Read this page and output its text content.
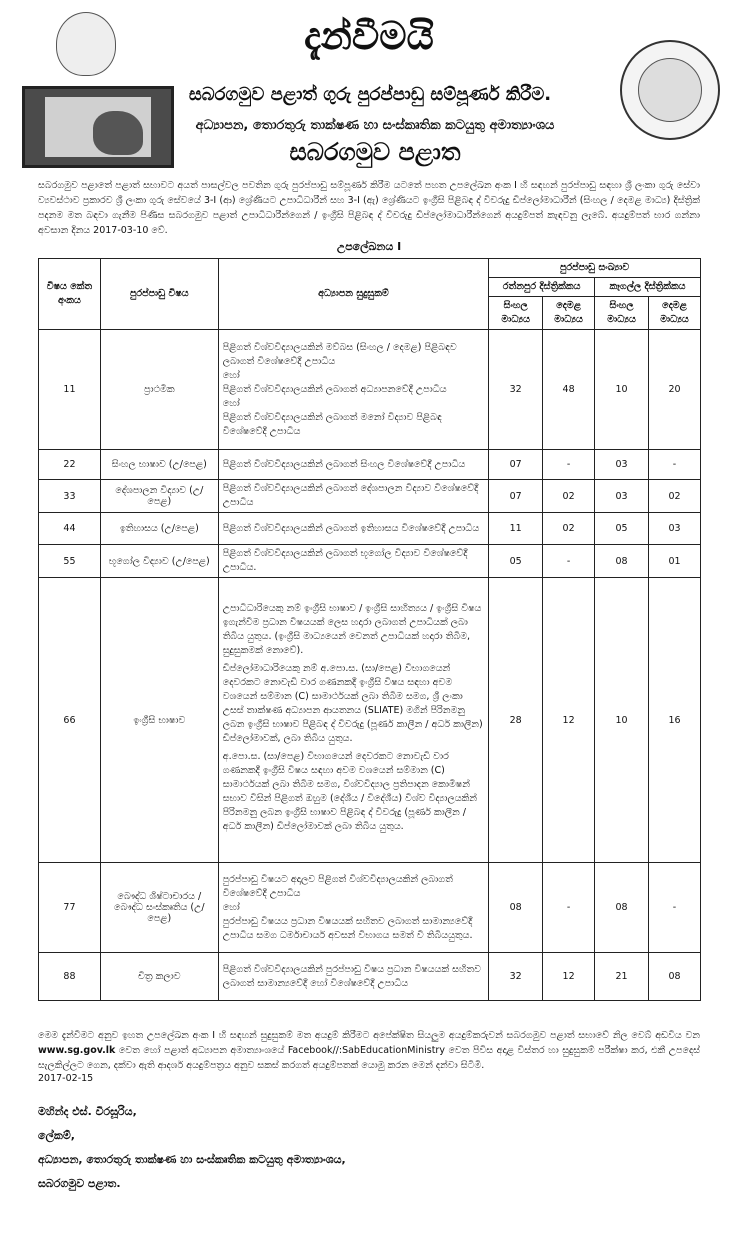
දැන්වීමයි

සබරගමුව පළාත් ගුරු පුරප්පාඩු සම්පූර්ණ කිරීම.

අධ්‍යාපන, තොරතුරු තාක්ෂණ හා සංස්කෘතික කටයුතු අමාත්‍යාංශය

සබරගමුව පළාත

සබරගමුව පළාතේ පළාත් සභාවට අයත් පාසල්වල පවතින ගුරු පුරප්පාඩු සම්පූර්ණ කිරීම යටතේ පහත උපලේඛන අංක I හි සඳහන් පුරප්පාඩු සඳහා ශ්‍රී ලංකා ගුරු සේවා ව්‍යවස්ථාව ප්‍රකාරව ශ්‍රී ලංකා ගුරු සේවයේ 3-I (ආ) ශ්‍රේණියට උපාධිධාරීන් සහ 3-I (ඇ) ශ්‍රේණියට ඉංග්‍රීසි පිළිබඳ ද්‍ විවරුදු ඩිප්ලෝමාධාරීන් (සිංහල / දෙමළ මාධ්‍ය) දිස්ත්‍රික් පදනම මත බඳවා ගැනීම පිණිස සබරගමුව පළාත් උපාධිධාරීන්ගෙන් / ඉංග්‍රීසි පිළිබඳ ද්‍ විවරුදු ඩිප්ලෝමාධාරීන්ගෙන් අයදුම්පත් කැඳවනු ලැබේ. අයදුම්පත් භාර ගන්නා අවසාන දිනය 2017-03-10 වේ.

උපලේඛනය I

විෂය කේත අංකය	පුරප්පාඩු විෂය	අධ්‍යාපන සුදුසුකම්	පුරප්පාඩු සංඛ්‍යාව			
			රත්නපුර දිස්ත්‍රික්කය		කෑගල්ල දිස්ත්‍රික්කය	
			සිංහල මාධ්‍යය	දෙමළ මාධ්‍යය	සිංහල මාධ්‍යය	දෙමළ මාධ්‍යය
11	ප්‍රාථමික	පිළිගත් විශ්වවිද්‍යාලයකින් මව්බස (සිංහල / දෙමළ) පිළිබඳව ලබාගත් විශේෂවේදී උපාධිය
හෝ
පිළිගත් විශ්වවිද්‍යාලයකින් ලබාගත් අධ්‍යාපනවේදී උපාධිය
හෝ
පිළිගත් විශ්වවිද්‍යාලයකින් ලබාගත් මනෝ විද්‍යාව පිළිබඳ විශේෂවේදී උපාධිය	32	48	10	20
22	සිංහල භාෂාව (උ/පෙළ)	පිළිගත් විශ්වවිද්‍යාලයකින් ලබාගත් සිංහල විශේෂවේදී උපාධිය	07	-	03	-
33	දේශපාලන විද්‍යාව (උ/පෙළ)	පිළිගත් විශ්වවිද්‍යාලයකින් ලබාගත් දේශපාලන විද්‍යාව විශේෂවේදී උපාධිය	07	02	03	02
44	ඉතිහාසය (උ/පෙළ)	පිළිගත් විශ්වවිද්‍යාලයකින් ලබාගත් ඉතිහාසය විශේෂවේදී උපාධිය	11	02	05	03
55	භූගෝල විද්‍යාව (උ/පෙළ)	පිළිගත් විශ්වවිද්‍යාලයකින් ලබාගත් භූගෝල විද්‍යාව විශේෂවේදී උපාධිය.	05	-	08	01
66	ඉංග්‍රීසි භාෂාව	උපාධිධාරියෙකු නම් ඉංග්‍රීසි භාෂාව / ඉංග්‍රීසි සාහිත්‍යය / ඉංග්‍රීසි විෂය ඉගැන්වීම ප්‍රධාන විෂයයක් ලෙස හදාරා ලබාගත් උපාධියක් ලබා තිබිය යුතුය. (ඉංග්‍රීසි මාධ්‍යයෙන් වෙනත් උපාධියක් හදාරා තිබීම, සුදුසුකමක් නොවේ).
ඩිප්ලෝමාධාරියෙකු නම් අ.පො.ස. (සා/පෙළ) විභාගයෙන් දෙවරකට නොවැඩි වාර ගණනකදී ඉංග්‍රීසි විෂය සඳහා අවම වශයෙන් සම්මාන (C) සාමාර්ථයක් ලබා තිබීම සමග, ශ්‍රී ලංකා උසස් තාක්ෂණ අධ්‍යාපන ආයතනය (SLIATE) මගින් පිරිනමනු ලබන ඉංග්‍රීසි භාෂාව පිළිබඳ ද්‍ විවරුදු (පූර්ණ කාලීන / අර්ධ කාලීන) ඩිප්ලෝමාවක්, ලබා තිබිය යුතුය.
අ.පො.ස. (සා/පෙළ) විභාගයෙන් දෙවරකට නොවැඩි වාර ගණනකදී ඉංග්‍රීසි විෂය සඳහා අවම වශයෙන් සම්මාන (C) සාමාර්ථයක් ලබා තිබීම සමග, විශ්වවිද්‍යාල ප්‍රතිපාදන කොමිෂන් සභාව විසින් පිළිගත් ඔහුම (දේශීය / විදේශීය) විශ්ව විද්‍යාලයකින් පිරිනමනු ලබන ඉංග්‍රීසි භාෂාව පිළිබඳ ද්‍ විවරුදු (පූර්ණ කාලීන / අර්ධ කාලීන) ඩිප්ලෝමාවක් ලබා තිබිය යුතුය.	28	12	10	16
77	බෞද්ධ ශිෂ්ටාචාරය / බෞද්ධ සංස්කෘතිය (උ/පෙළ)	පුරප්පාඩු විෂයට අදාලව පිළිගත් විශ්වවිද්‍යාලයකින් ලබාගත් විශේෂවේදී උපාධිය
හෝ
පුරප්පාඩු විෂයය ප්‍රධාන විෂයයක් සහිතව ලබාගත් සාමාන්‍යවේදී උපාධිය සමග ධර්මාචාර්ය අවසන් විභාගය සමත් වී තිබියයුතුය.	08	-	08	-
88	චිත්‍ර කලාව	පිළිගත් විශ්වවිද්‍යාලයකින් පුරප්පාඩු විෂය ප්‍රධාන විෂයයක් සහිතව ලබාගත් සාමාන්‍යවේදී හෝ විශේෂවේදී උපාධිය	32	12	21	08

මෙම දැන්වීමට අනුව ඉහත උපලේඛන අංක I හි සඳහන් සුදුසුකම් මත අයදුම් කිරීමට අපේක්ෂිත සියලුම අයදුම්කරුවන් සබරගමුව පළාත් සභාවේ නිල වෙබ් අඩවිය වන www.sg.gov.lk වෙත හෝ පළාත් අධ්‍යාපන අමාත්‍යාංශයේ Facebook//:SabEducationMinistry වෙත පිවිස අදාළ විස්තර හා සුදුසුකම් පරීක්ෂා කර, එකී උපදෙස් සැලකිල්ලට ගෙන, දක්වා ඇති ආදර්ශ අයදුම්පත්‍රය අනුව සකස් කරගත් අයදුම්පතක් යොමු කරන මෙන් දන්වා සිටිමි.

2017-02-15

මහින්ද එස්. වීරසූරිය,
ලේකම්,
අධ්‍යාපන, තොරතුරු තාක්ෂණ හා සංස්කෘතික කටයුතු අමාත්‍යාංශය,
සබරගමුව පළාත.
